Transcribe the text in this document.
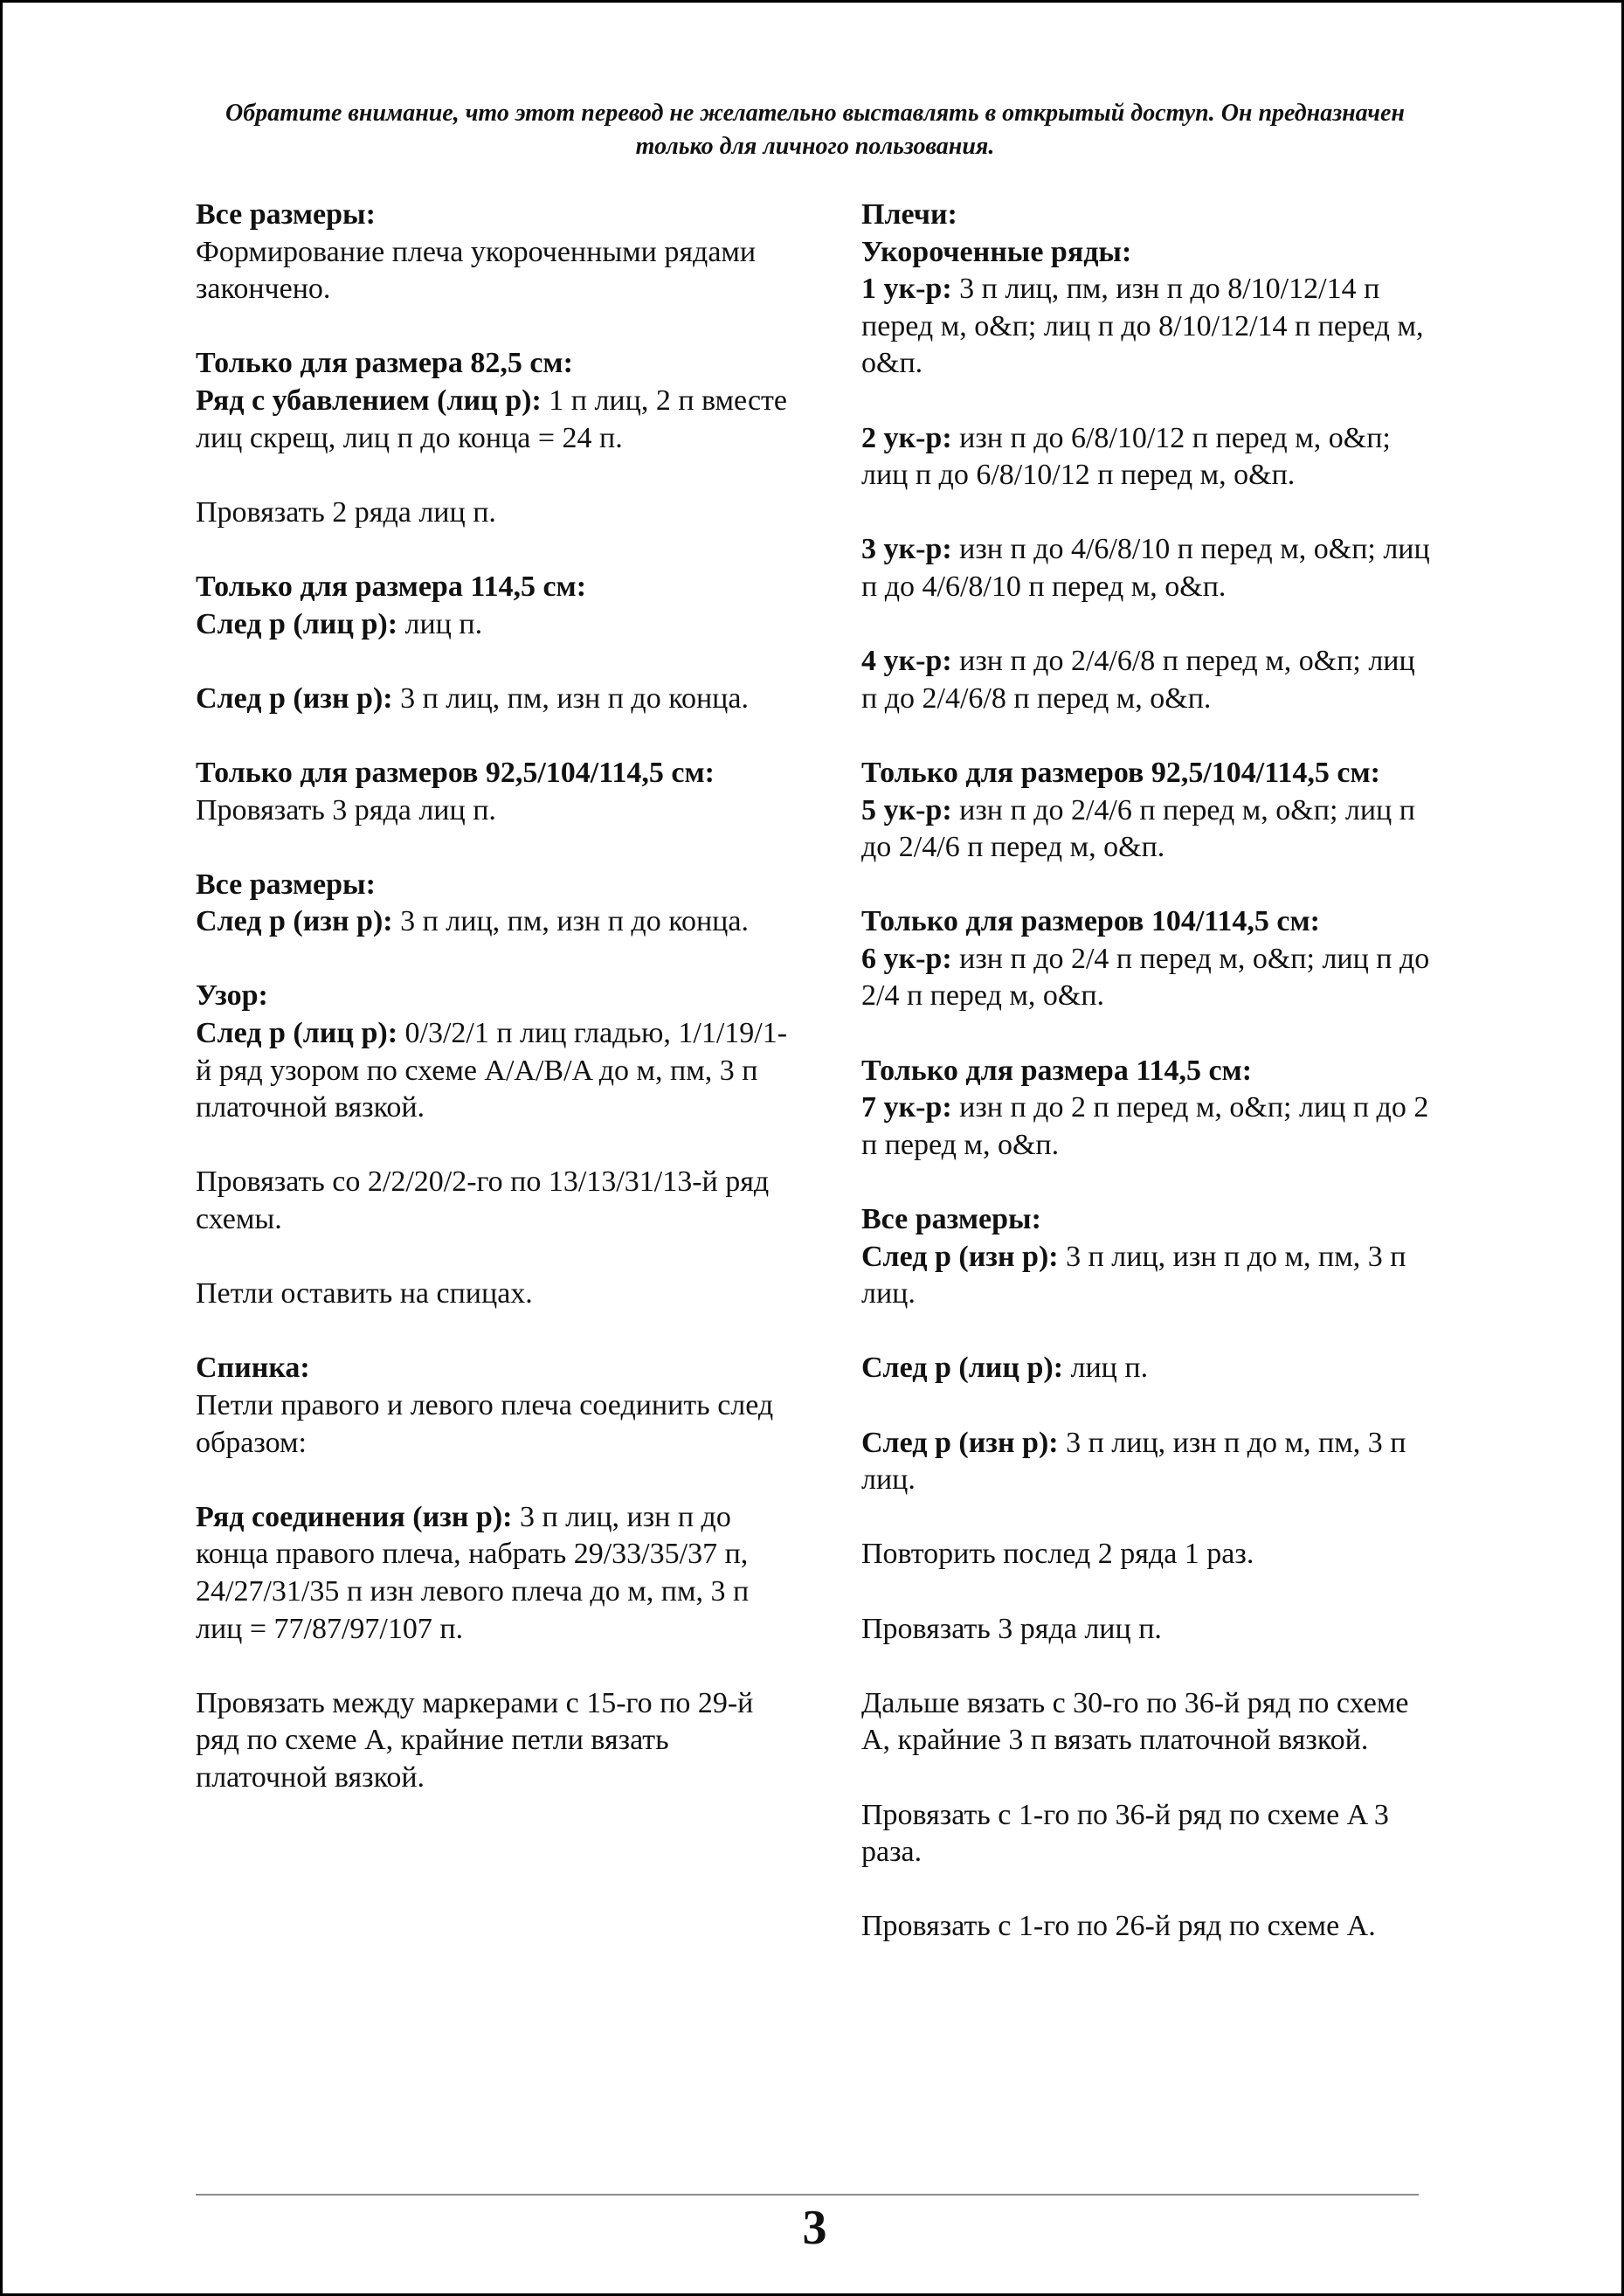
Обратите внимание, что этот перевод не желательно выставлять в открытый доступ. Он предназначен только для личного пользования.
Все размеры:
Формирование плеча укороченными рядами закончено.
Только для размера 82,5 см:
Ряд с убавлением (лиц р): 1 п лиц, 2 п вместе лиц скрещ, лиц п до конца = 24 п.
Провязать 2 ряда лиц п.
Только для размера 114,5 см:
След р (лиц р): лиц п.
След р (изн р): 3 п лиц, пм, изн п до конца.
Только для размеров 92,5/104/114,5 см:
Провязать 3 ряда лиц п.
Все размеры:
След р (изн р): 3 п лиц, пм, изн п до конца.
Узор:
След р (лиц р): 0/3/2/1 п лиц гладью, 1/1/19/1-й ряд узором по схеме A/A/B/A до м, пм, 3 п платочной вязкой.
Провязать со 2/2/20/2-го по 13/13/31/13-й ряд схемы.
Петли оставить на спицах.
Спинка:
Петли правого и левого плеча соединить след образом:
Ряд соединения (изн р): 3 п лиц, изн п до конца правого плеча, набрать 29/33/35/37 п, 24/27/31/35 п изн левого плеча до м, пм, 3 п лиц = 77/87/97/107 п.
Провязать между маркерами с 15-го по 29-й ряд по схеме A, крайние петли вязать платочной вязкой.
Плечи:
Укороченные ряды:
1 ук-р: 3 п лиц, пм, изн п до 8/10/12/14 п перед м, о&п; лиц п до 8/10/12/14 п перед м, о&п.
2 ук-р: изн п до 6/8/10/12 п перед м, о&п; лиц п до 6/8/10/12 п перед м, о&п.
3 ук-р: изн п до 4/6/8/10 п перед м, о&п; лиц п до 4/6/8/10 п перед м, о&п.
4 ук-р: изн п до 2/4/6/8 п перед м, о&п; лиц п до 2/4/6/8 п перед м, о&п.
Только для размеров 92,5/104/114,5 см:
5 ук-р: изн п до 2/4/6 п перед м, о&п; лиц п до 2/4/6 п перед м, о&п.
Только для размеров 104/114,5 см:
6 ук-р: изн п до 2/4 п перед м, о&п; лиц п до 2/4 п перед м, о&п.
Только для размера 114,5 см:
7 ук-р: изн п до 2 п перед м, о&п; лиц п до 2 п перед м, о&п.
Все размеры:
След р (изн р): 3 п лиц, изн п до м, пм, 3 п лиц.
След р (лиц р): лиц п.
След р (изн р): 3 п лиц, изн п до м, пм, 3 п лиц.
Повторить послед 2 ряда 1 раз.
Провязать 3 ряда лиц п.
Дальше вязать с 30-го по 36-й ряд по схеме A, крайние 3 п вязать платочной вязкой.
Провязать с 1-го по 36-й ряд по схеме A 3 раза.
Провязать с 1-го по 26-й ряд по схеме A.
3
